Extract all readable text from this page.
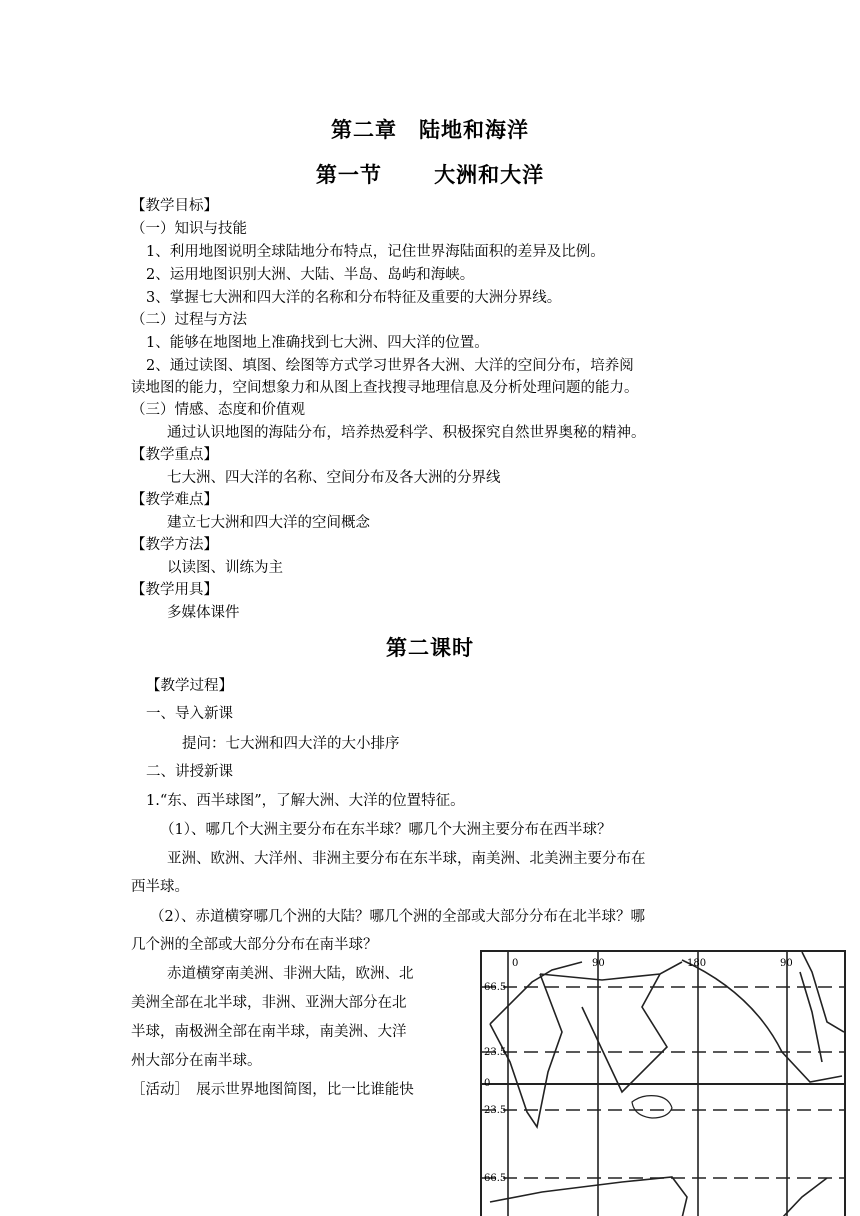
第二章　陆地和海洋
第一节　　 大洲和大洋
【教学目标】
（一）知识与技能
1、利用地图说明全球陆地分布特点，记住世界海陆面积的差异及比例。
2、运用地图识别大洲、大陆、半岛、岛屿和海峡。
3、掌握七大洲和四大洋的名称和分布特征及重要的大洲分界线。
（二）过程与方法
1、能够在地图地上准确找到七大洲、四大洋的位置。
2、通过读图、填图、绘图等方式学习世界各大洲、大洋的空间分布，培养阅
读地图的能力，空间想象力和从图上查找搜寻地理信息及分析处理问题的能力。
（三）情感、态度和价值观
通过认识地图的海陆分布，培养热爱科学、积极探究自然世界奥秘的精神。
【教学重点】
七大洲、四大洋的名称、空间分布及各大洲的分界线
【教学难点】
建立七大洲和四大洋的空间概念
【教学方法】
以读图、训练为主
【教学用具】
多媒体课件
第二课时
【教学过程】
一、导入新课
提问：七大洲和四大洋的大小排序
二、讲授新课
1.“东、西半球图”，了解大洲、大洋的位置特征。
（1）、哪几个大洲主要分布在东半球？哪几个大洲主要分布在西半球？
亚洲、欧洲、大洋州、非洲主要分布在东半球，南美洲、北美洲主要分布在
西半球。
（2）、赤道横穿哪几个洲的大陆？哪几个洲的全部或大部分分布在北半球？哪
几个洲的全部或大部分分布在南半球？
赤道横穿南美洲、非洲大陆，欧洲、北
美洲全部在北半球，非洲、亚洲大部分在北
半球，南极洲全部在南半球，南美洲、大洋
州大部分在南半球。
［活动］　展示世界地图简图，比一比谁能快
0	90	180	90
66.5
23.5
0
23.5
66.5
